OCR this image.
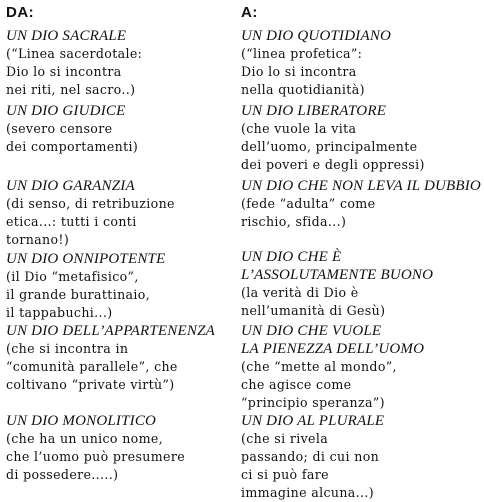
DA:
UN DIO SACRALE
(“Linea sacerdotale:
Dio lo si incontra
nei riti, nel sacro..)
UN DIO GIUDICE
(severo censore
dei comportamenti)
UN DIO GARANZIA
(di senso, di retribuzione
etica...: tutti i conti
tornano!)
UN DIO ONNIPOTENTE
(il Dio “metafisico”,
il grande burattinaio,
il tappabuchi...)
UN DIO DELL’APPARTENENZA
(che si incontra in
“comunità parallele”, che
coltivano “private virtù”)
UN DIO MONOLITICO
(che ha un unico nome,
che l’uomo può presumere
di possedere.....)
A:
UN DIO QUOTIDIANO
(“linea profetica”:
Dio lo si incontra
nella quotidianità)
UN DIO LIBERATORE
(che vuole la vita
dell’uomo, principalmente
dei poveri e degli oppressi)
UN DIO CHE NON LEVA IL DUBBIO
(fede “adulta” come
rischio, sfida...)
UN DIO CHE È
L’ASSOLUTAMENTE BUONO
(la verità di Dio è
nell’umanità di Gesù)
UN DIO CHE VUOLE
LA PIENEZZA DELL’UOMO
(che “mette al mondo”,
che agisce come
“principio speranza”)
UN DIO AL PLURALE
(che si rivela
passando; di cui non
ci si può fare
immagine alcuna...)
